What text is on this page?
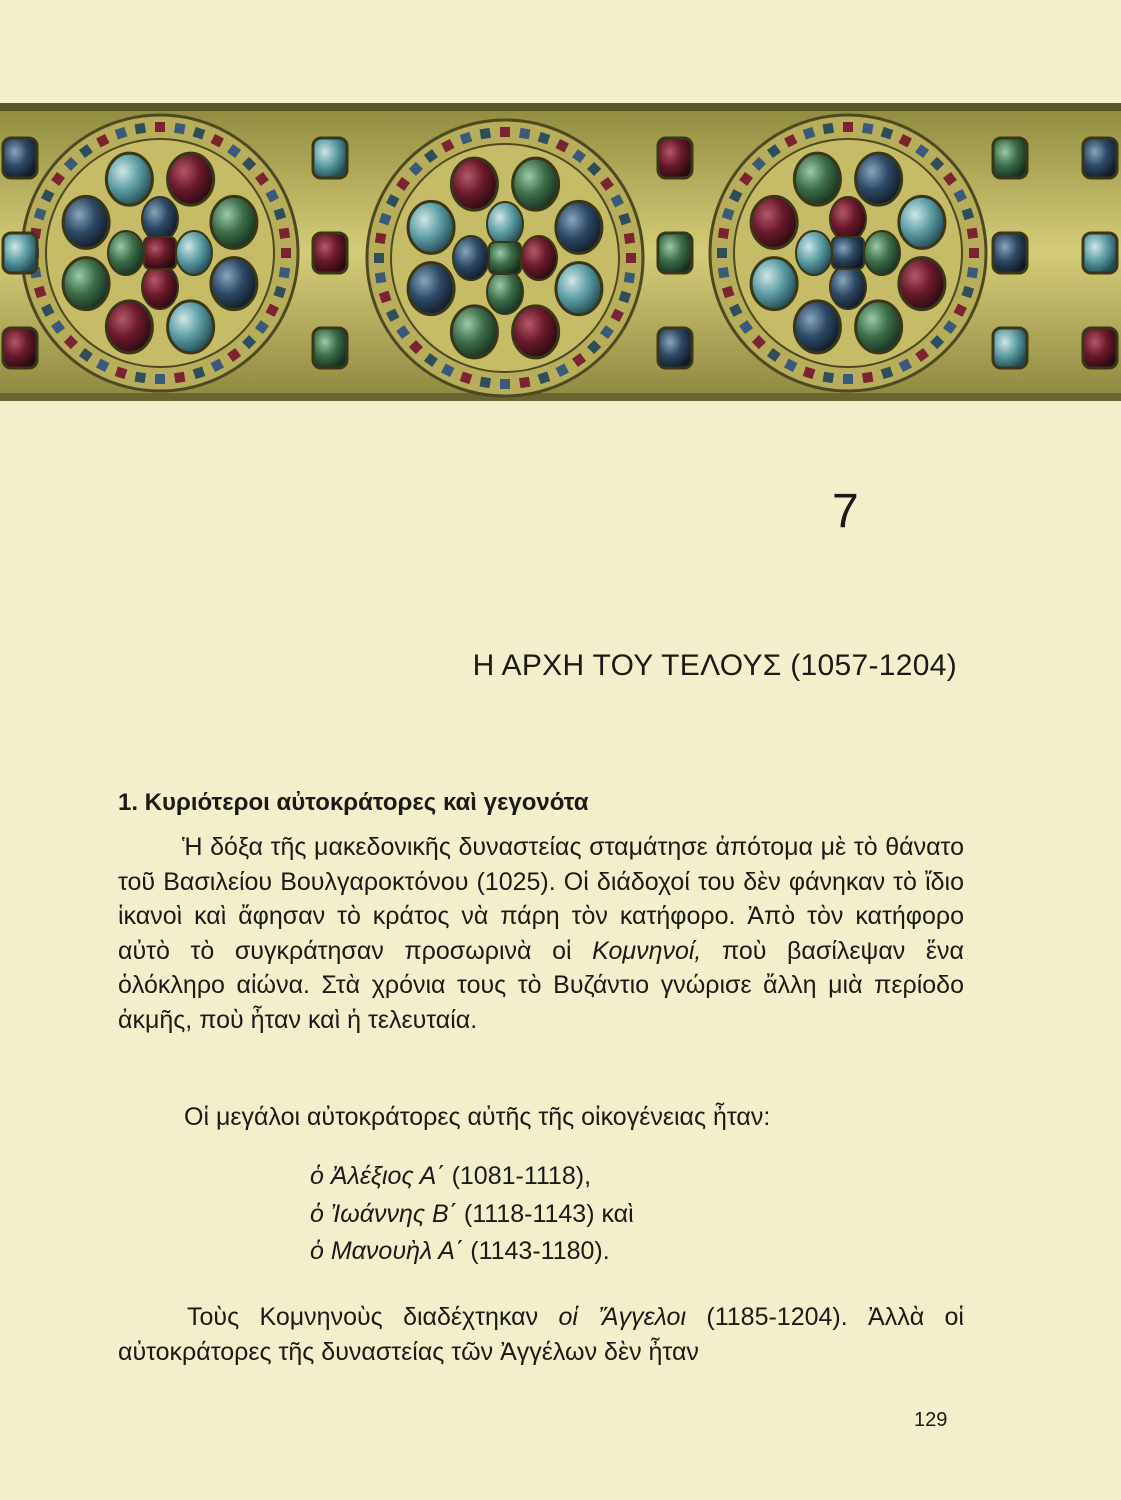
7
Η ΑΡΧΗ ΤΟΥ ΤΕΛΟΥΣ (1057-1204)
1. Κυριότεροι αὐτοκράτορες καὶ γεγονότα

Ἡ δόξα τῆς μακεδονικῆς δυναστείας σταμάτησε ἀπότομα μὲ τὸ θάνατο τοῦ Βασιλείου Βουλγαροκτόνου (1025). Οἱ διάδοχοί του δὲν φάνηκαν τὸ ἴδιο ἱκανοὶ καὶ ἄφησαν τὸ κράτος νὰ πάρη τὸν κατήφορο. Ἀπὸ τὸν κατήφορο αὐτὸ τὸ συγκράτησαν προσωρινὰ οἱ Κομνηνοί, ποὺ βασίλεψαν ἕνα ὁλόκληρο αἰώνα. Στὰ χρόνια τους τὸ Βυζάντιο γνώρισε ἄλλη μιὰ περίοδο ἀκμῆς, ποὺ ἦταν καὶ ἡ τελευταία.

Οἱ μεγάλοι αὐτοκράτορες αὐτῆς τῆς οἰκογένειας ἦταν:

ὁ Ἀλέξιος Α΄ (1081-1118),
ὁ Ἰωάννης Β΄ (1118-1143) καὶ
ὁ Μανουὴλ Α΄ (1143-1180).

Τοὺς Κομνηνοὺς διαδέχτηκαν οἱ Ἄγγελοι (1185-1204). Ἀλλὰ οἱ αὐτοκράτορες τῆς δυναστείας τῶν Ἀγγέλων δὲν ἦταν

129
